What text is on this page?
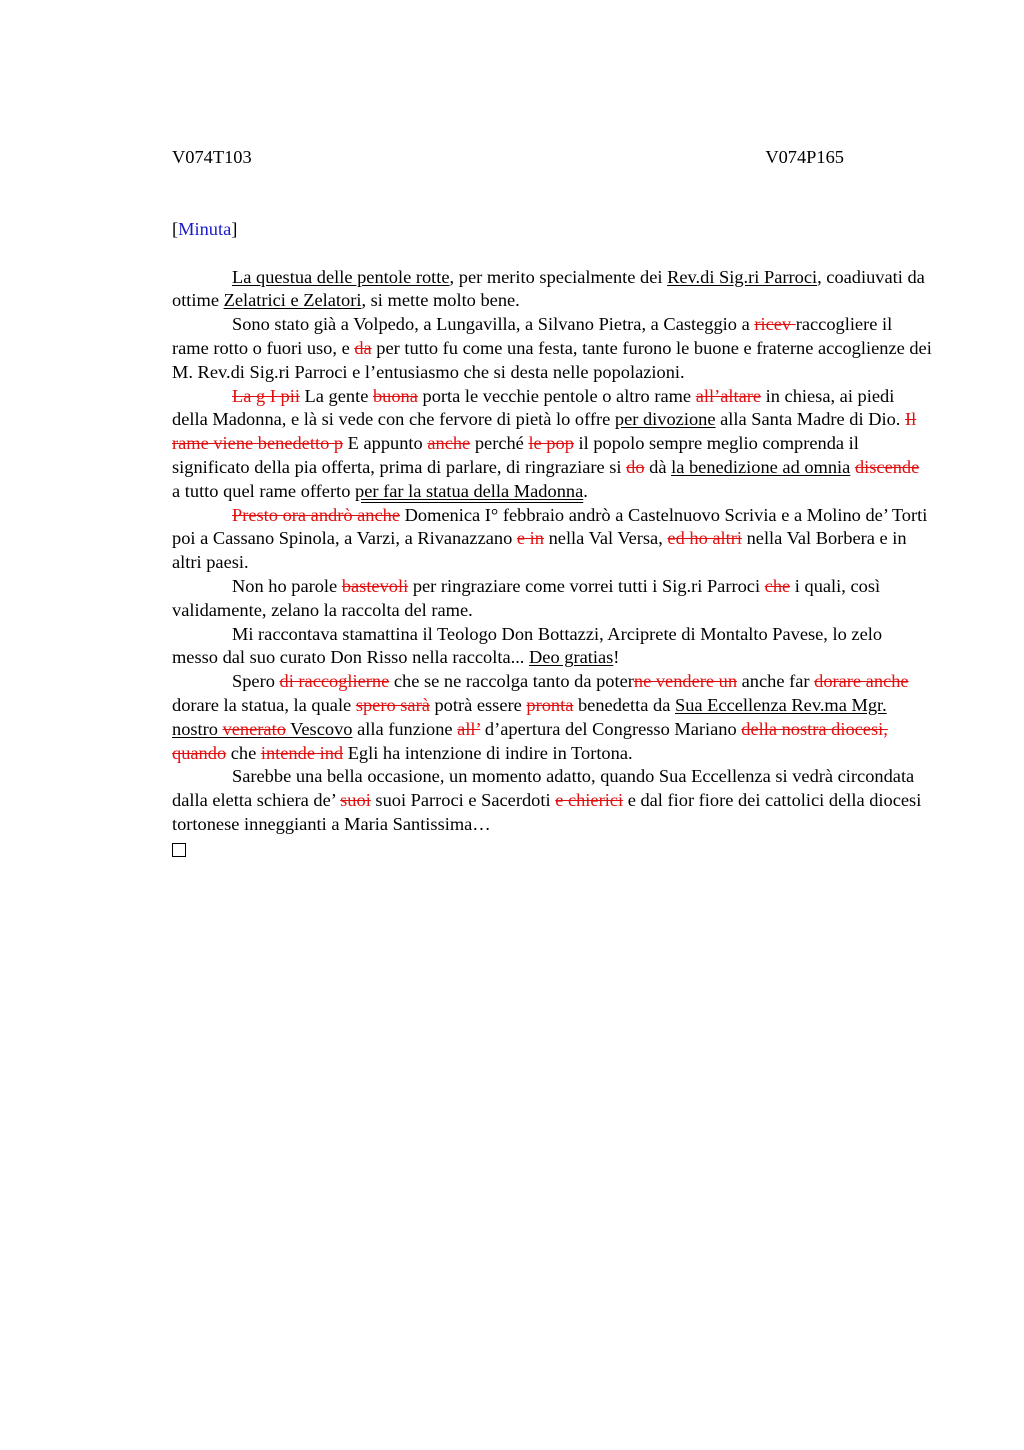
V074T103	V074P165
[Minuta]

La questua delle pentole rotte, per merito specialmente dei Rev.di Sig.ri Parroci, coadiuvati da ottime Zelatrici e Zelatori, si mette molto bene.

Sono stato già a Volpedo, a Lungavilla, a Silvano Pietra, a Casteggio a ricev raccogliere il rame rotto o fuori uso, e da per tutto fu come una festa, tante furono le buone e fraterne accoglienze dei M. Rev.di Sig.ri Parroci e l’entusiasmo che si desta nelle popolazioni.

La g I pii La gente buona porta le vecchie pentole o altro rame all’altare in chiesa, ai piedi della Madonna, e là si vede con che fervore di pietà lo offre per divozione alla Santa Madre di Dio. Il rame viene benedetto p E appunto anche perché le pop il popolo sempre meglio comprenda il significato della pia offerta, prima di parlare, di ringraziare si do dà la benedizione ad omnia discende a tutto quel rame offerto per far la statua della Madonna.

Presto ora andrò anche Domenica I° febbraio andrò a Castelnuovo Scrivia e a Molino de’ Torti poi a Cassano Spinola, a Varzi, a Rivanazzano e in nella Val Versa, ed ho altri nella Val Borbera e in altri paesi.

Non ho parole bastevoli per ringraziare come vorrei tutti i Sig.ri Parroci che i quali, così validamente, zelano la raccolta del rame.

Mi raccontava stamattina il Teologo Don Bottazzi, Arciprete di Montalto Pavese, lo zelo messo dal suo curato Don Risso nella raccolta... Deo gratias!

Spero di raccoglierne che se ne raccolga tanto da poterne vendere un anche far dorare anche dorare la statua, la quale spero sarà potrà essere pronta benedetta da Sua Eccellenza Rev.ma Mgr. nostro venerato Vescovo alla funzione all’ d’apertura del Congresso Mariano della nostra diocesi, quando che intende ind Egli ha intenzione di indire in Tortona.

Sarebbe una bella occasione, un momento adatto, quando Sua Eccellenza si vedrà circondata dalla eletta schiera de’ suoi suoi Parroci e Sacerdoti e chierici e dal fior fiore dei cattolici della diocesi tortonese inneggianti a Maria Santissima…
